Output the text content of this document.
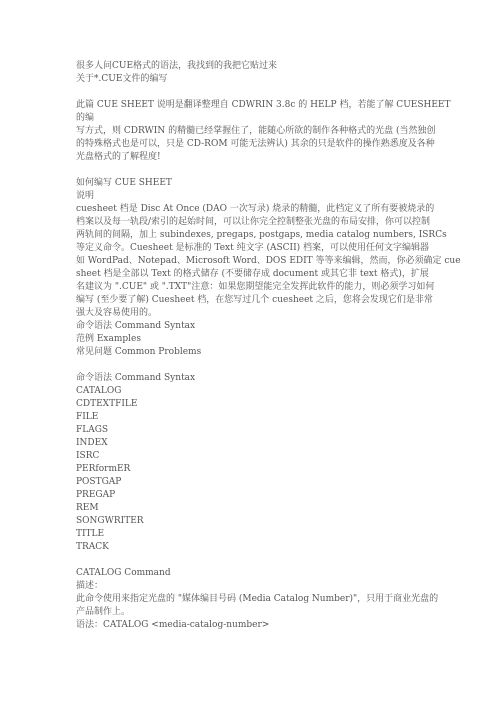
很多人问CUE格式的语法，我找到的我把它贴过来
关于*.CUE文件的编写
此篇 CUE SHEET 说明是翻译整理自 CDWRIN 3.8c 的 HELP 档，若能了解 CUESHEET
的编
写方式，则 CDRWIN 的精髓已经掌握住了，能随心所欲的制作各种格式的光盘 (当然独创
的特殊格式也是可以，只是 CD-ROM 可能无法辨认) 其余的只是软件的操作熟悉度及各种
光盘格式的了解程度!
如何编写 CUE SHEET
说明
cuesheet 档是 Disc At Once (DAO 一次写录) 烧录的精髓，此档定义了所有要被烧录的
档案以及每一轨段/索引的起始时间，可以让你完全控制整张光盘的布局安排，你可以控制
两轨间的间隔，加上 subindexes, pregaps, postgaps, media catalog numbers, ISRCs
等定义命令。Cuesheet 是标准的 Text 纯文字 (ASCII) 档案，可以使用任何文字编辑器
如 WordPad、Notepad、Microsoft Word、DOS EDIT 等等来编辑，然而，你必须确定 cue
sheet 档是全部以 Text 的格式储存 (不要储存成 document 或其它非 text 格式)，扩展
名建议为 ".CUE" 或 ".TXT"注意：如果您期望能完全发挥此软件的能力，则必须学习如何
编写 (至少要了解) Cuesheet 档，在您写过几个 cuesheet 之后，您将会发现它们是非常
强大及容易使用的。
命令语法 Command Syntax
范例 Examples
常见问题 Common Problems
命令语法 Command Syntax
CATALOG
CDTEXTFILE
FILE
FLAGS
INDEX
ISRC
PERformER
POSTGAP
PREGAP
REM
SONGWRITER
TITLE
TRACK
CATALOG Command
描述：
此命令使用来指定光盘的 "媒体编目号码 (Media Catalog Number)"，只用于商业光盘的
产品制作上。
语法：CATALOG <media-catalog-number>
